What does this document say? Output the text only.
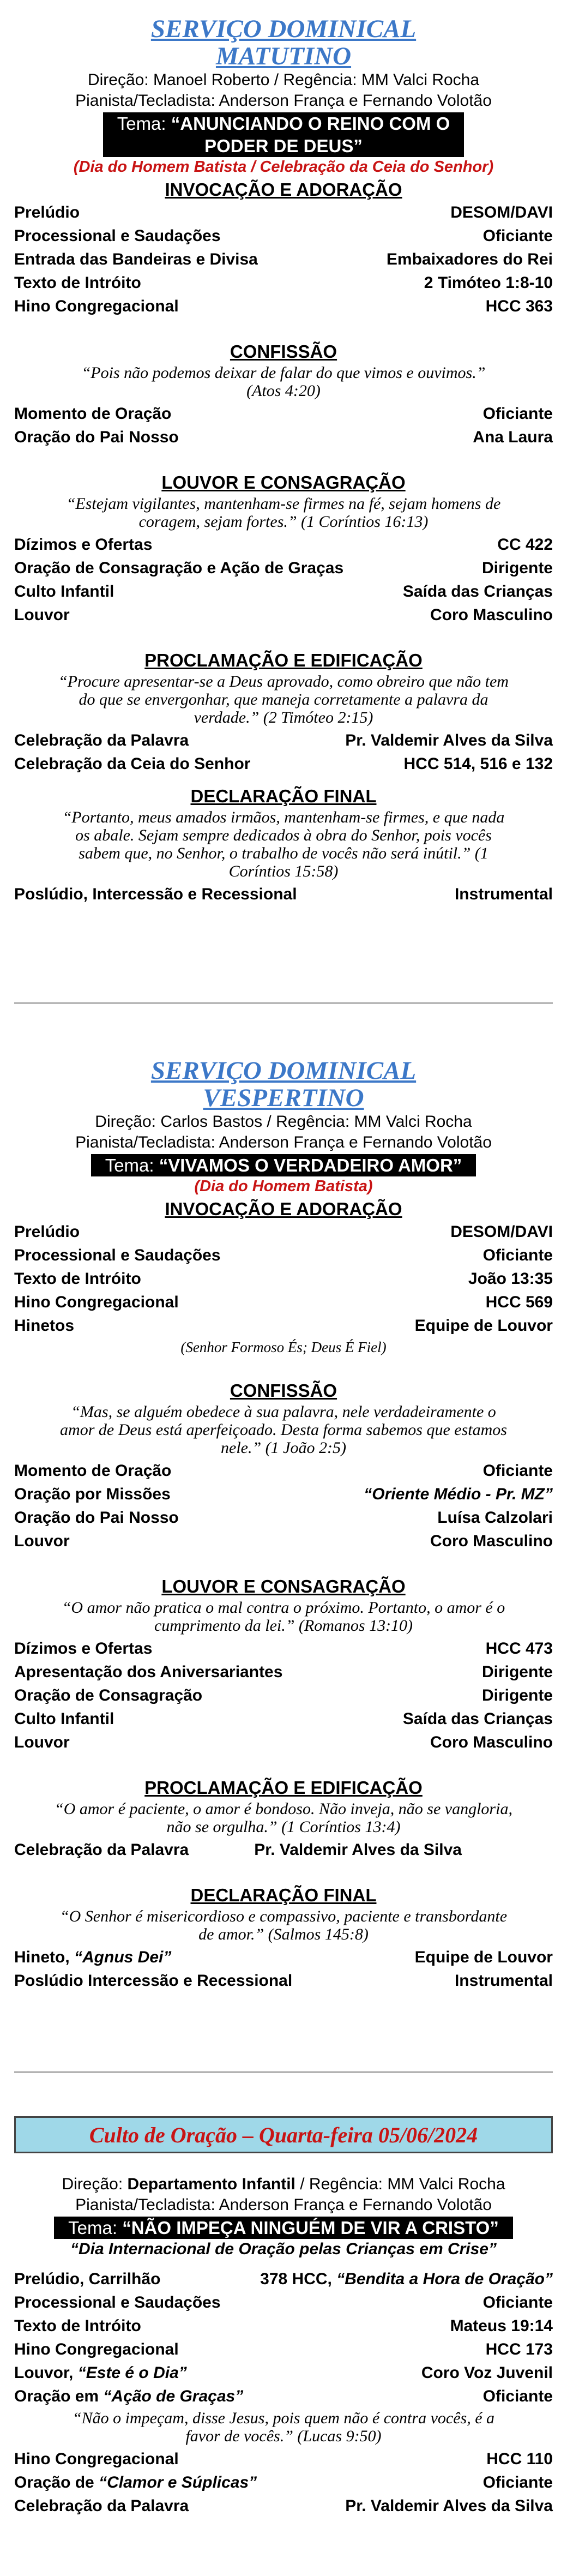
SERVIÇO DOMINICAL
MATUTINO
Direção: Manoel Roberto / Regência: MM Valci Rocha
Pianista/Tecladista: Anderson França e Fernando Volotão
Tema: “ANUNCIANDO O REINO COM O
PODER DE DEUS”
(Dia do Homem Batista / Celebração da Ceia do Senhor)
INVOCAÇÃO E ADORAÇÃO
Prelúdio	DESOM/DAVI
Processional e Saudações	Oficiante
Entrada das Bandeiras e Divisa	Embaixadores do Rei
Texto de Intróito	2 Timóteo 1:8-10
Hino Congregacional	HCC 363
CONFISSÃO
“Pois não podemos deixar de falar do que vimos e ouvimos.”
(Atos 4:20)
Momento de Oração	Oficiante
Oração do Pai Nosso	Ana Laura
LOUVOR E CONSAGRAÇÃO
“Estejam vigilantes, mantenham-se firmes na fé, sejam homens de
coragem, sejam fortes.” (1 Coríntios 16:13)
Dízimos e Ofertas	CC 422
Oração de Consagração e Ação de Graças	Dirigente
Culto Infantil	Saída das Crianças
Louvor	Coro Masculino
PROCLAMAÇÃO E EDIFICAÇÃO
“Procure apresentar-se a Deus aprovado, como obreiro que não tem
do que se envergonhar, que maneja corretamente a palavra da
verdade.” (2 Timóteo 2:15)
Celebração da Palavra	Pr. Valdemir Alves da Silva
Celebração da Ceia do Senhor	HCC 514, 516 e 132
DECLARAÇÃO FINAL
“Portanto, meus amados irmãos, mantenham-se firmes, e que nada
os abale. Sejam sempre dedicados à obra do Senhor, pois vocês
sabem que, no Senhor, o trabalho de vocês não será inútil.” (1
Coríntios 15:58)
Poslúdio, Intercessão e Recessional	Instrumental
SERVIÇO DOMINICAL
VESPERTINO
Direção: Carlos Bastos / Regência: MM Valci Rocha
Pianista/Tecladista: Anderson França e Fernando Volotão
Tema: “VIVAMOS O VERDADEIRO AMOR”
(Dia do Homem Batista)
INVOCAÇÃO E ADORAÇÃO
Prelúdio	DESOM/DAVI
Processional e Saudações	Oficiante
Texto de Intróito	João 13:35
Hino Congregacional	HCC 569
Hinetos	Equipe de Louvor
(Senhor Formoso És; Deus É Fiel)
CONFISSÃO
“Mas, se alguém obedece à sua palavra, nele verdadeiramente o
amor de Deus está aperfeiçoado. Desta forma sabemos que estamos
nele.” (1 João 2:5)
Momento de Oração	Oficiante
Oração por Missões	“Oriente Médio - Pr. MZ”
Oração do Pai Nosso	Luísa Calzolari
Louvor	Coro Masculino
LOUVOR E CONSAGRAÇÃO
“O amor não pratica o mal contra o próximo. Portanto, o amor é o
cumprimento da lei.” (Romanos 13:10)
Dízimos e Ofertas	HCC 473
Apresentação dos Aniversariantes	Dirigente
Oração de Consagração	Dirigente
Culto Infantil	Saída das Crianças
Louvor	Coro Masculino
PROCLAMAÇÃO E EDIFICAÇÃO
“O amor é paciente, o amor é bondoso. Não inveja, não se vangloria,
não se orgulha.” (1 Coríntios 13:4)
Celebração da Palavra	Pr. Valdemir Alves da Silva
DECLARAÇÃO FINAL
“O Senhor é misericordioso e compassivo, paciente e transbordante
de amor.” (Salmos 145:8)
Hineto, “Agnus Dei”	Equipe de Louvor
Poslúdio Intercessão e Recessional	Instrumental
Culto de Oração – Quarta-feira 05/06/2024
Direção: Departamento Infantil / Regência: MM Valci Rocha
Pianista/Tecladista: Anderson França e Fernando Volotão
Tema: “NÃO IMPEÇA NINGUÉM DE VIR A CRISTO”
“Dia Internacional de Oração pelas Crianças em Crise”
Prelúdio, Carrilhão	378 HCC, “Bendita a Hora de Oração”
Processional e Saudações	Oficiante
Texto de Intróito	Mateus 19:14
Hino Congregacional	HCC 173
Louvor, “Este é o Dia”	Coro Voz Juvenil
Oração em “Ação de Graças”	Oficiante
“Não o impeçam, disse Jesus, pois quem não é contra vocês, é a
favor de vocês.” (Lucas 9:50)
Hino Congregacional	HCC 110
Oração de “Clamor e Súplicas”	Oficiante
Celebração da Palavra	Pr. Valdemir Alves da Silva
